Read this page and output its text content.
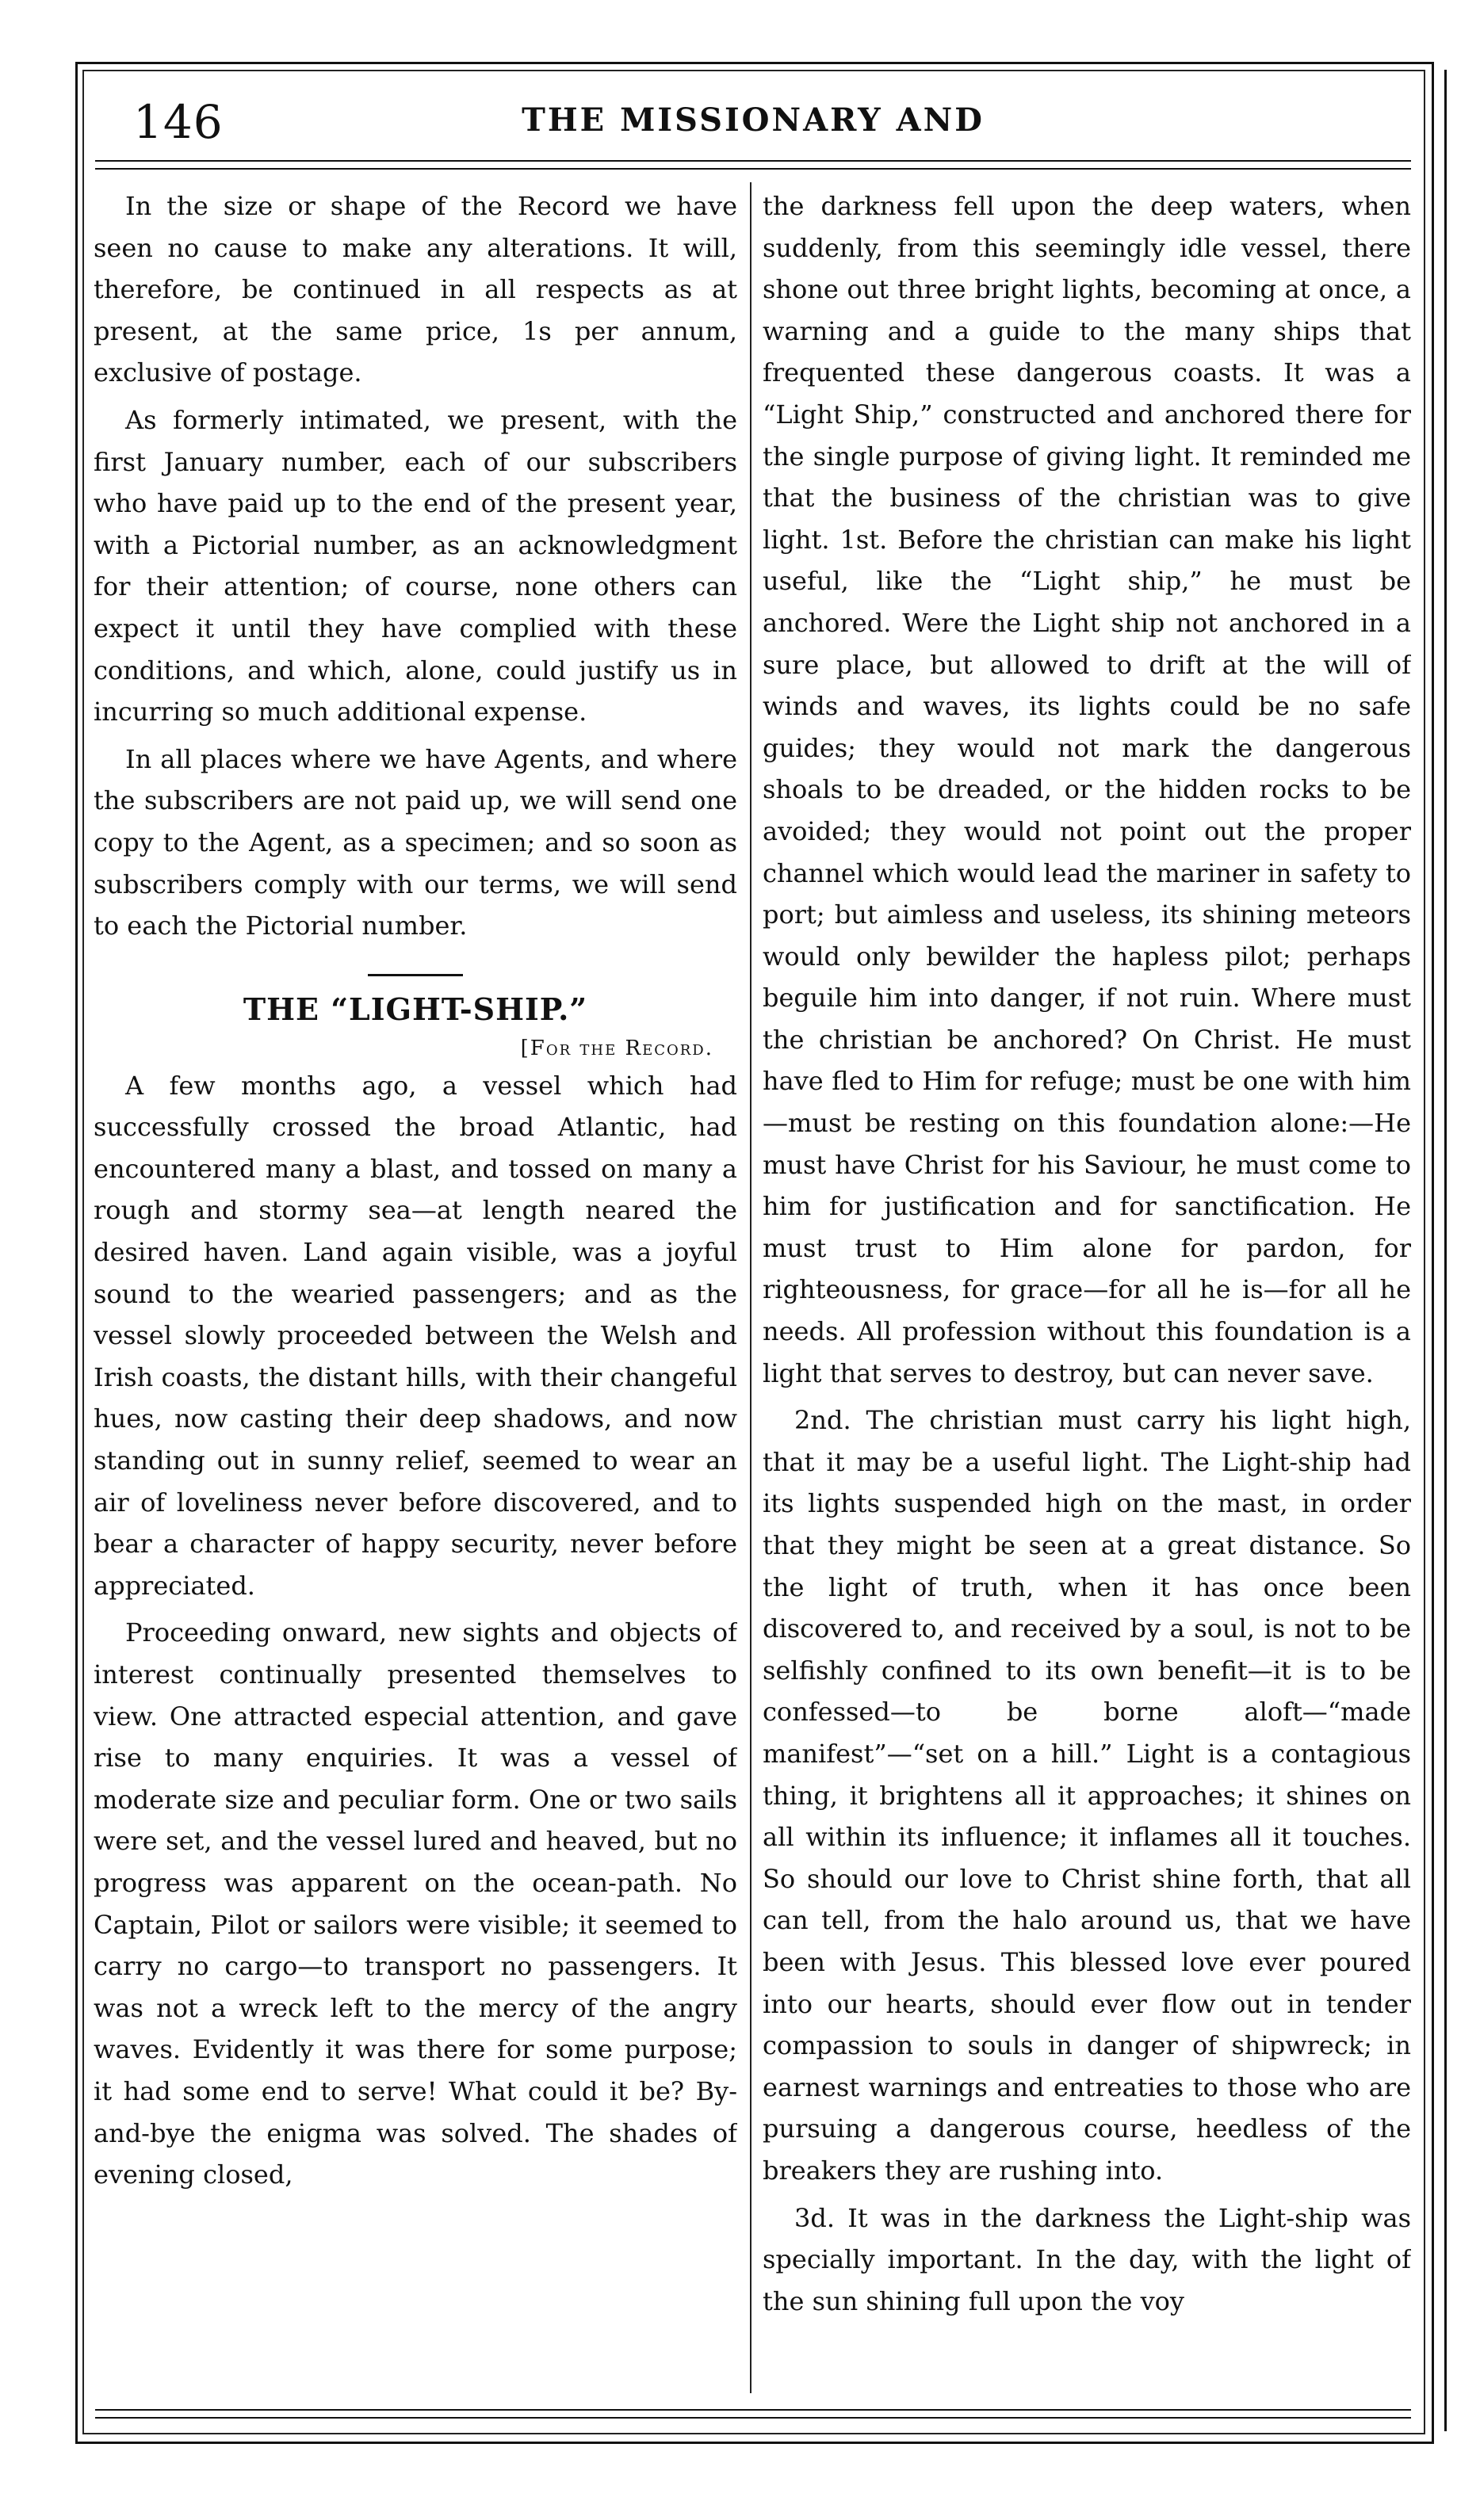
146	THE MISSIONARY AND

In the size or shape of the Record we have seen no cause to make any alterations. It will, therefore, be continued in all respects as at present, at the same price, 1s per annum, exclusive of postage.

As formerly intimated, we present, with the first January number, each of our subscribers who have paid up to the end of the present year, with a Pictorial number, as an acknowledgment for their attention; of course, none others can expect it until they have complied with these conditions, and which, alone, could justify us in incurring so much additional expense.

In all places where we have Agents, and where the subscribers are not paid up, we will send one copy to the Agent, as a specimen; and so soon as subscribers comply with our terms, we will send to each the Pictorial number.

THE “LIGHT-SHIP.”
[For the Record.

A few months ago, a vessel which had successfully crossed the broad Atlantic, had encountered many a blast, and tossed on many a rough and stormy sea—at length neared the desired haven. Land again visible, was a joyful sound to the wearied passengers; and as the vessel slowly proceeded between the Welsh and Irish coasts, the distant hills, with their changeful hues, now casting their deep shadows, and now standing out in sunny relief, seemed to wear an air of loveliness never before discovered, and to bear a character of happy security, never before appreciated.

Proceeding onward, new sights and objects of interest continually presented themselves to view. One attracted especial attention, and gave rise to many enquiries. It was a vessel of moderate size and peculiar form. One or two sails were set, and the vessel lured and heaved, but no progress was apparent on the ocean-path. No Captain, Pilot or sailors were visible; it seemed to carry no cargo—to transport no passengers. It was not a wreck left to the mercy of the angry waves. Evidently it was there for some purpose; it had some end to serve! What could it be? By-and-bye the enigma was solved. The shades of evening closed,

the darkness fell upon the deep waters, when suddenly, from this seemingly idle vessel, there shone out three bright lights, becoming at once, a warning and a guide to the many ships that frequented these dangerous coasts. It was a “Light Ship,” constructed and anchored there for the single purpose of giving light. It reminded me that the business of the christian was to give light. 1st. Before the christian can make his light useful, like the “Light ship,” he must be anchored. Were the Light ship not anchored in a sure place, but allowed to drift at the will of winds and waves, its lights could be no safe guides; they would not mark the dangerous shoals to be dreaded, or the hidden rocks to be avoided; they would not point out the proper channel which would lead the mariner in safety to port; but aimless and useless, its shining meteors would only bewilder the hapless pilot; perhaps beguile him into danger, if not ruin. Where must the christian be anchored? On Christ. He must have fled to Him for refuge; must be one with him—must be resting on this foundation alone:—He must have Christ for his Saviour, he must come to him for justification and for sanctification. He must trust to Him alone for pardon, for righteousness, for grace—for all he is—for all he needs. All profession without this foundation is a light that serves to destroy, but can never save.

2nd. The christian must carry his light high, that it may be a useful light. The Light-ship had its lights suspended high on the mast, in order that they might be seen at a great distance. So the light of truth, when it has once been discovered to, and received by a soul, is not to be selfishly confined to its own benefit—it is to be confessed—to be borne aloft—“made manifest”—“set on a hill.” Light is a contagious thing, it brightens all it approaches; it shines on all within its influence; it inflames all it touches. So should our love to Christ shine forth, that all can tell, from the halo around us, that we have been with Jesus. This blessed love ever poured into our hearts, should ever flow out in tender compassion to souls in danger of shipwreck; in earnest warnings and entreaties to those who are pursuing a dangerous course, heedless of the breakers they are rushing into.

3d. It was in the darkness the Light-ship was specially important. In the day, with the light of the sun shining full upon the voy
